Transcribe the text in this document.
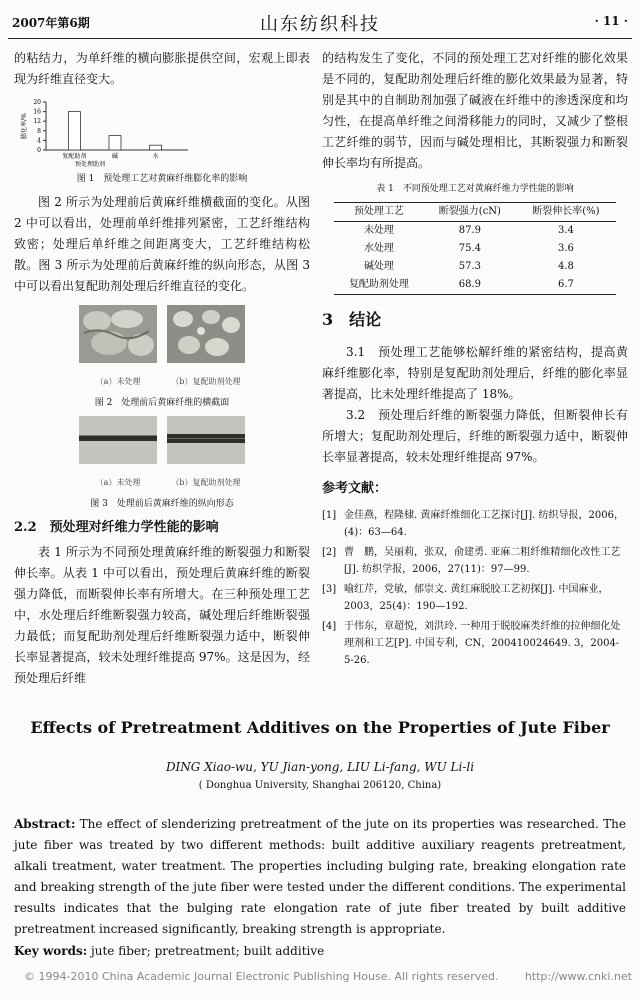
2007年第6期	山东纺织科技	· 11 ·

的粘结力，为单纤维的横向膨胀提供空间，宏观上即表现为纤维直径变大。

20
16
12
8
4
0
复配助剂	碱	水
预处理助剂
膨化率/%
图 1　预处理工艺对黄麻纤维膨化率的影响

图 2 所示为处理前后黄麻纤维横截面的变化。从图 2 中可以看出，处理前单纤维排列紧密，工艺纤维结构致密；处理后单纤维之间距离变大，工艺纤维结构松散。图 3 所示为处理前后黄麻纤维的纵向形态，从图 3 中可以看出复配助剂处理后纤维直径的变化。

（a）未处理
	（b）复配助剂处理
图 2　处理前后黄麻纤维的横截面
（a）未处理
	（b）复配助剂处理
图 3　处理前后黄麻纤维的纵向形态
2.2　预处理对纤维力学性能的影响

表 1 所示为不同预处理黄麻纤维的断裂强力和断裂伸长率。从表 1 中可以看出，预处理后黄麻纤维的断裂强力降低，而断裂伸长率有所增大。在三种预处理工艺中，水处理后纤维断裂强力较高，碱处理后纤维断裂强力最低；而复配助剂处理后纤维断裂强力适中，断裂伸长率显著提高，较未处理纤维提高 97%。这是因为，经预处理后纤维

的结构发生了变化，不同的预处理工艺对纤维的膨化效果是不同的，复配助剂处理后纤维的膨化效果最为显著，特别是其中的自制助剂加强了碱液在纤维中的渗透深度和均匀性，在提高单纤维之间滑移能力的同时，又减少了整根工艺纤维的弱节，因而与碱处理相比，其断裂强力和断裂伸长率均有所提高。

表 1　不同预处理工艺对黄麻纤维力学性能的影响
预处理工艺	断裂强力(cN)	断裂伸长率(%)
未处理	87.9	3.4
水处理	75.4	3.6
碱处理	57.3	4.8
复配助剂处理	68.9	6.7
3　结论

3.1　预处理工艺能够松解纤维的紧密结构，提高黄麻纤维膨化率，特别是复配助剂处理后，纤维的膨化率显著提高，比未处理纤维提高了 18%。

3.2　预处理后纤维的断裂强力降低，但断裂伸长有所增大；复配助剂处理后，纤维的断裂强力适中，断裂伸长率显著提高，较未处理纤维提高 97%。

参考文献：
[1] 金佳燕，程隆棣. 黄麻纤维细化工艺探讨[J]. 纺织导报，2006，(4)：63—64.
[2] 曹　鹏，吴丽莉，张双，俞建勇. 亚麻二粗纤维精细化改性工艺[J]. 纺织学报，2006，27(11)：97—99.
[3] 喻红芹，党敏，郁崇文. 黄红麻脱胶工艺初探[J]. 中国麻业，2003，25(4)：190—192.
[4] 于伟东，章超悦，刘洪玲. 一种用于脱胶麻类纤维的拉伸细化处理剂和工艺[P]. 中国专利，CN，200410024649. 3，2004-5-26.
Effects of Pretreatment Additives on the Properties of Jute Fiber
DING Xiao-wu, YU Jian-yong, LIU Li-fang, WU Li-li
( Donghua University, Shanghai 206120, China)
Abstract: The effect of slenderizing pretreatment of the jute on its properties was researched. The jute fiber was treated by two different methods: built additive auxiliary reagents pretreatment, alkali treatment, water treatment. The properties including bulging rate, breaking elongation rate and breaking strength of the jute fiber were tested under the different conditions. The experimental results indicates that the bulging rate elongation rate of jute fiber treated by built additive pretreatment increased significantly, breaking strength is appropriate.
Key words: jute fiber; pretreatment; built additive
© 1994-2010 China Academic Journal Electronic Publishing House. All rights reserved. http://www.cnki.net
